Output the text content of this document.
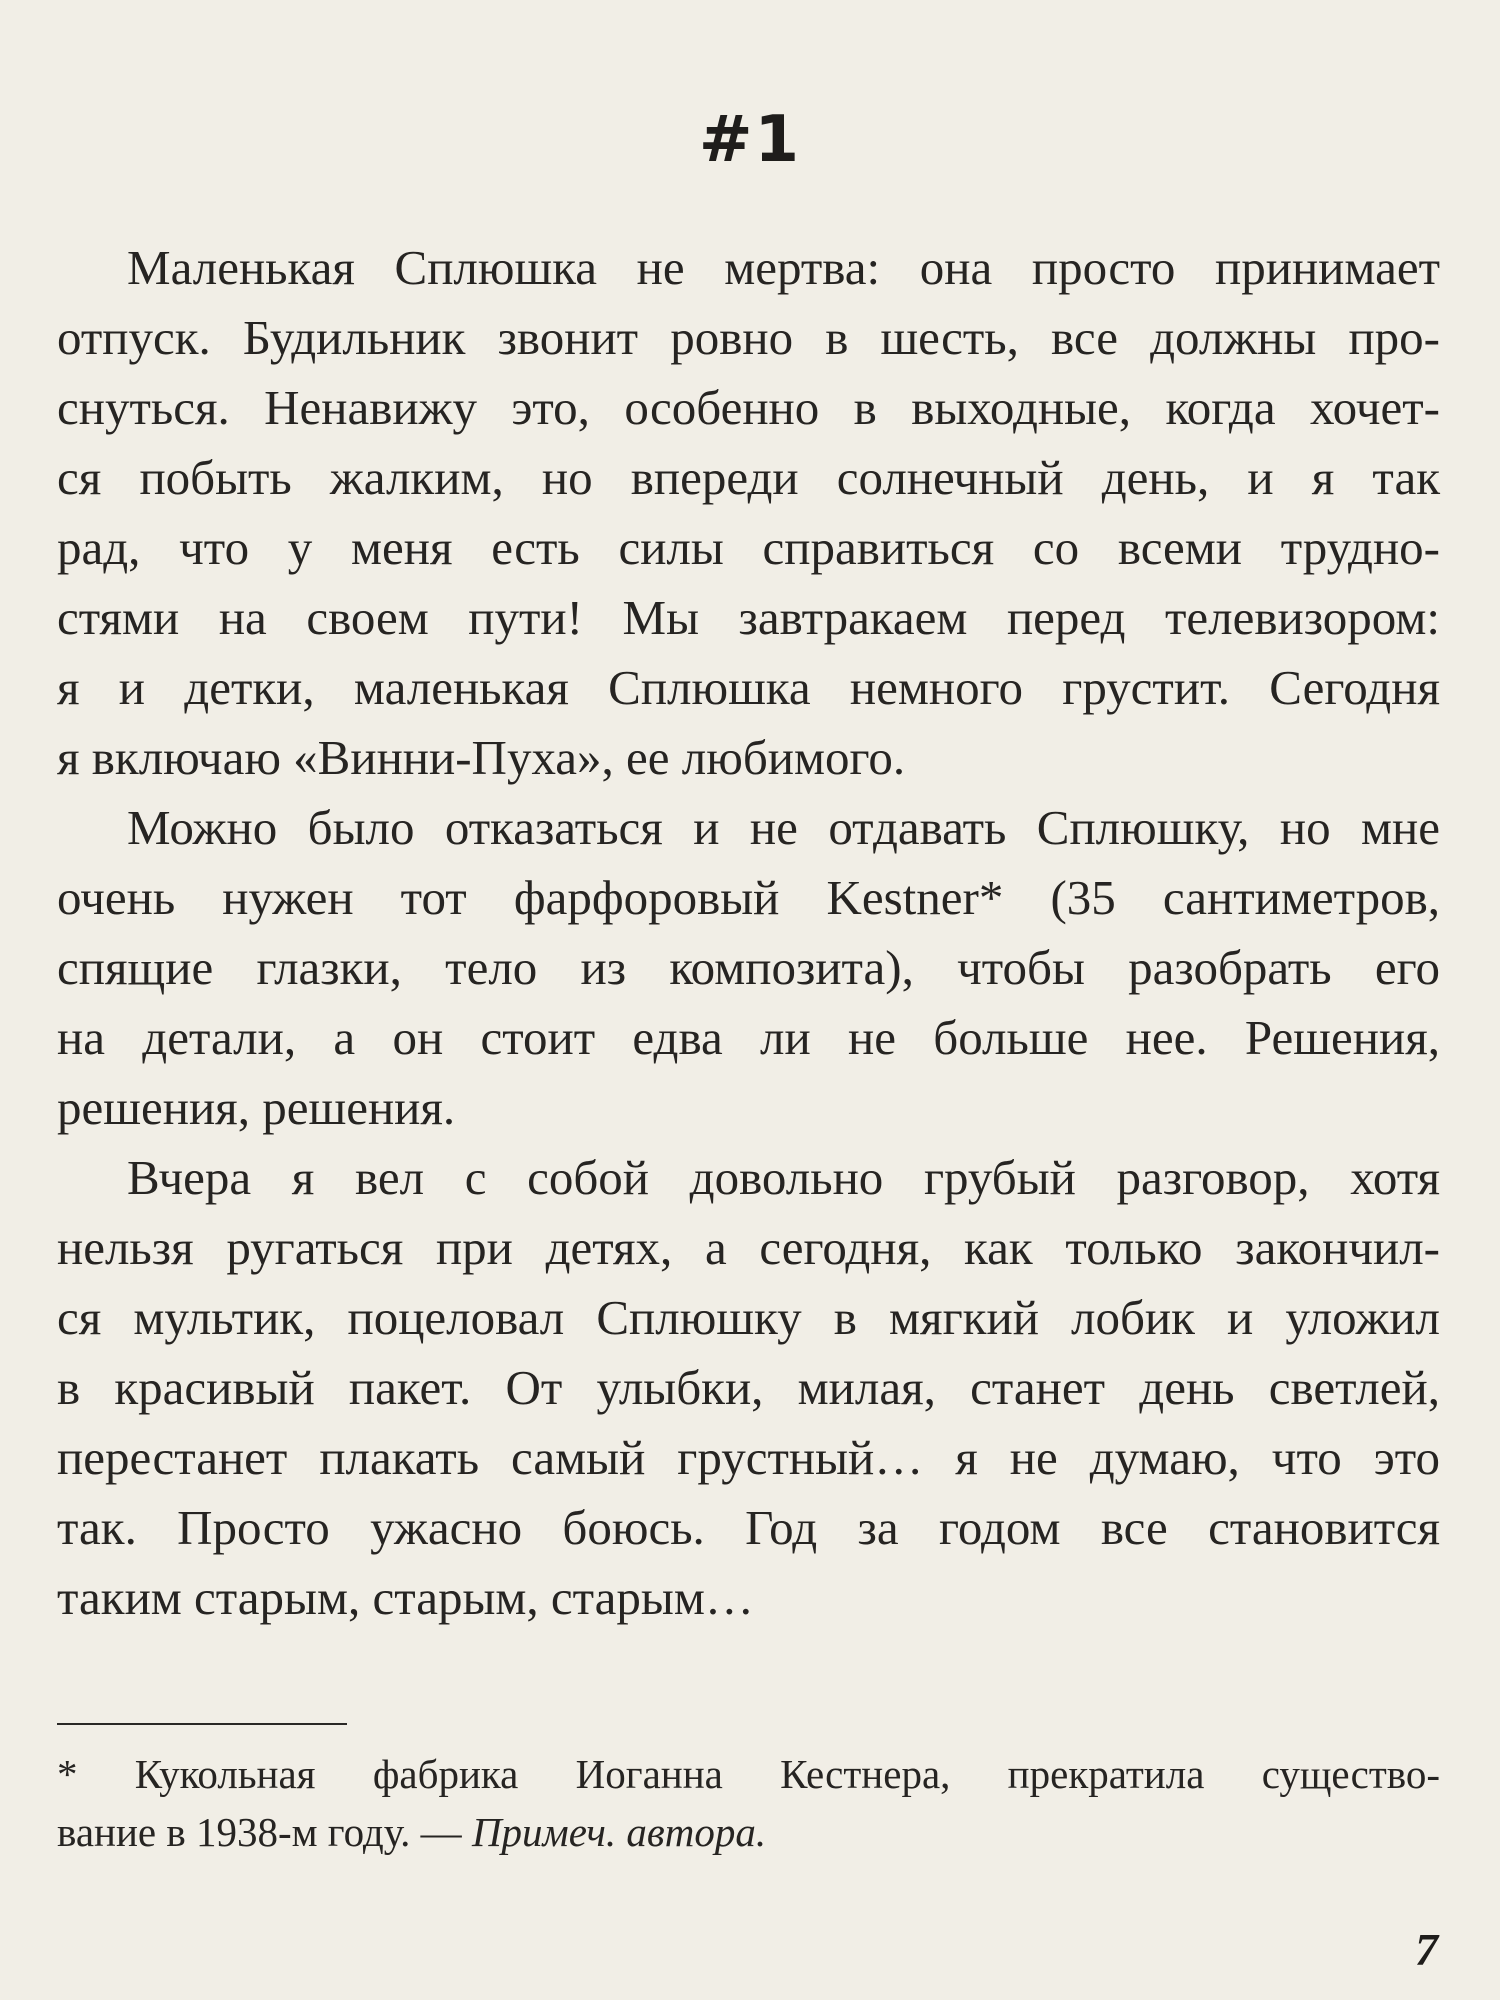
#1
Маленькая Сплюшка не мертва: она просто принимает
отпуск. Будильник звонит ровно в шесть, все должны про-
снуться. Ненавижу это, особенно в выходные, когда хочет-
ся побыть жалким, но впереди солнечный день, и я так
рад, что у меня есть силы справиться со всеми трудно-
стями на своем пути! Мы завтракаем перед телевизором:
я и детки, маленькая Сплюшка немного грустит. Сегодня
я включаю «Винни-Пуха», ее любимого.
Можно было отказаться и не отдавать Сплюшку, но мне
очень нужен тот фарфоровый Kestner* (35 сантиметров,
спящие глазки, тело из композита), чтобы разобрать его
на детали, а он стоит едва ли не больше нее. Решения,
решения, решения.
Вчера я вел с собой довольно грубый разговор, хотя
нельзя ругаться при детях, а сегодня, как только закончил-
ся мультик, поцеловал Сплюшку в мягкий лобик и уложил
в красивый пакет. От улыбки, милая, станет день светлей,
перестанет плакать самый грустный… я не думаю, что это
так. Просто ужасно боюсь. Год за годом все становится
таким старым, старым, старым…
* Кукольная фабрика Иоганна Кестнера, прекратила существо-
вание в 1938-м году. — Примеч. автора.
7
